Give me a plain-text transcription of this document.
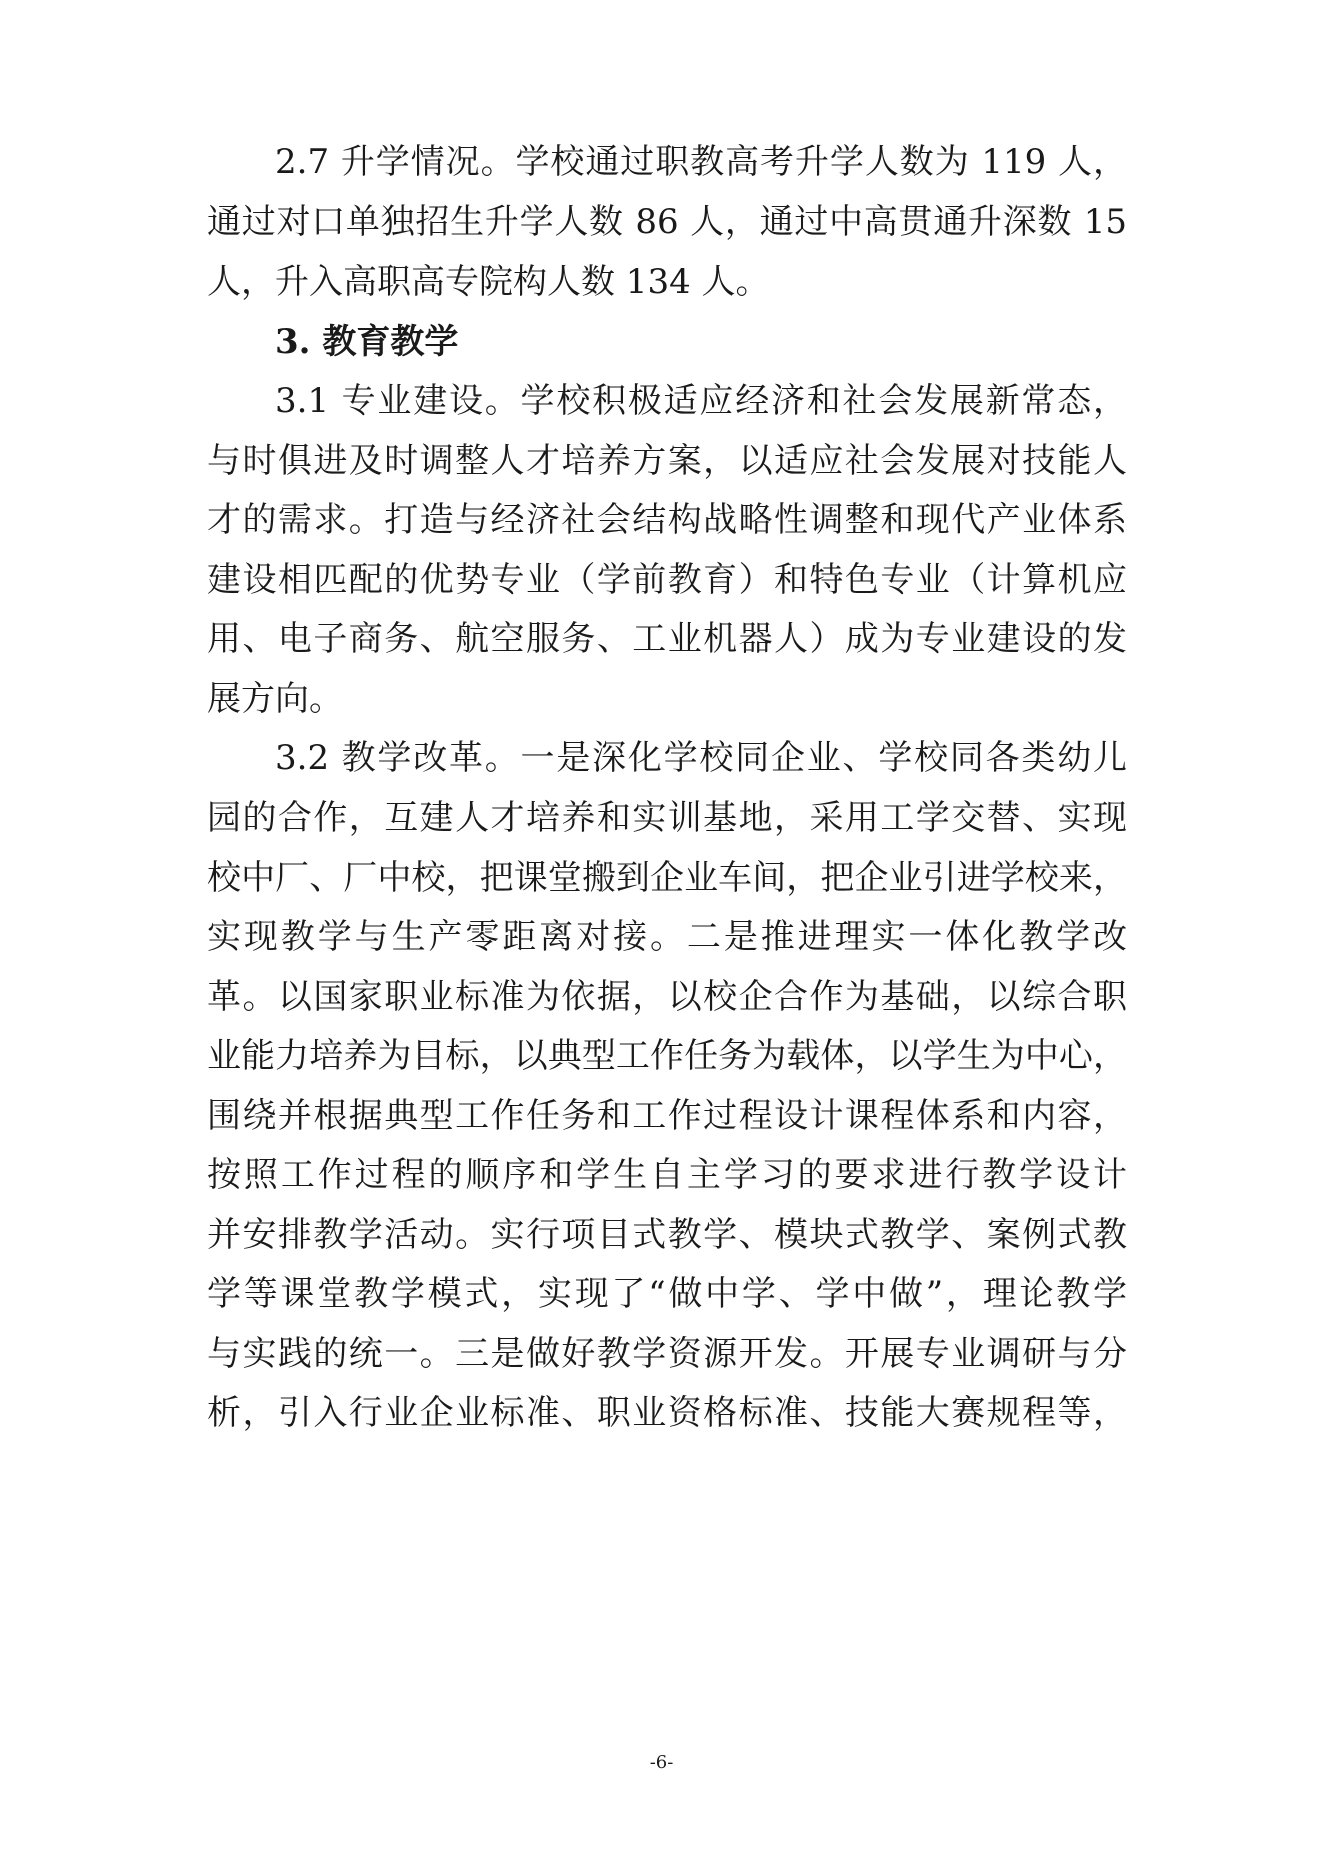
2.7 升学情况。学校通过职教高考升学人数为 119 人，
通过对口单独招生升学人数 86 人，通过中高贯通升深数 15
人，升入高职高专院构人数 134 人。
3. 教育教学
3.1 专业建设。学校积极适应经济和社会发展新常态，
与时俱进及时调整人才培养方案，以适应社会发展对技能人
才的需求。打造与经济社会结构战略性调整和现代产业体系
建设相匹配的优势专业（学前教育）和特色专业（计算机应
用、电子商务、航空服务、工业机器人）成为专业建设的发
展方向。
3.2 教学改革。一是深化学校同企业、学校同各类幼儿
园的合作，互建人才培养和实训基地，采用工学交替、实现
校中厂、厂中校，把课堂搬到企业车间，把企业引进学校来，
实现教学与生产零距离对接。二是推进理实一体化教学改
革。以国家职业标准为依据，以校企合作为基础，以综合职
业能力培养为目标，以典型工作任务为载体，以学生为中心，
围绕并根据典型工作任务和工作过程设计课程体系和内容，
按照工作过程的顺序和学生自主学习的要求进行教学设计
并安排教学活动。实行项目式教学、模块式教学、案例式教
学等课堂教学模式，实现了“做中学、学中做”，理论教学
与实践的统一。三是做好教学资源开发。开展专业调研与分
析，引入行业企业标准、职业资格标准、技能大赛规程等，
-6-
